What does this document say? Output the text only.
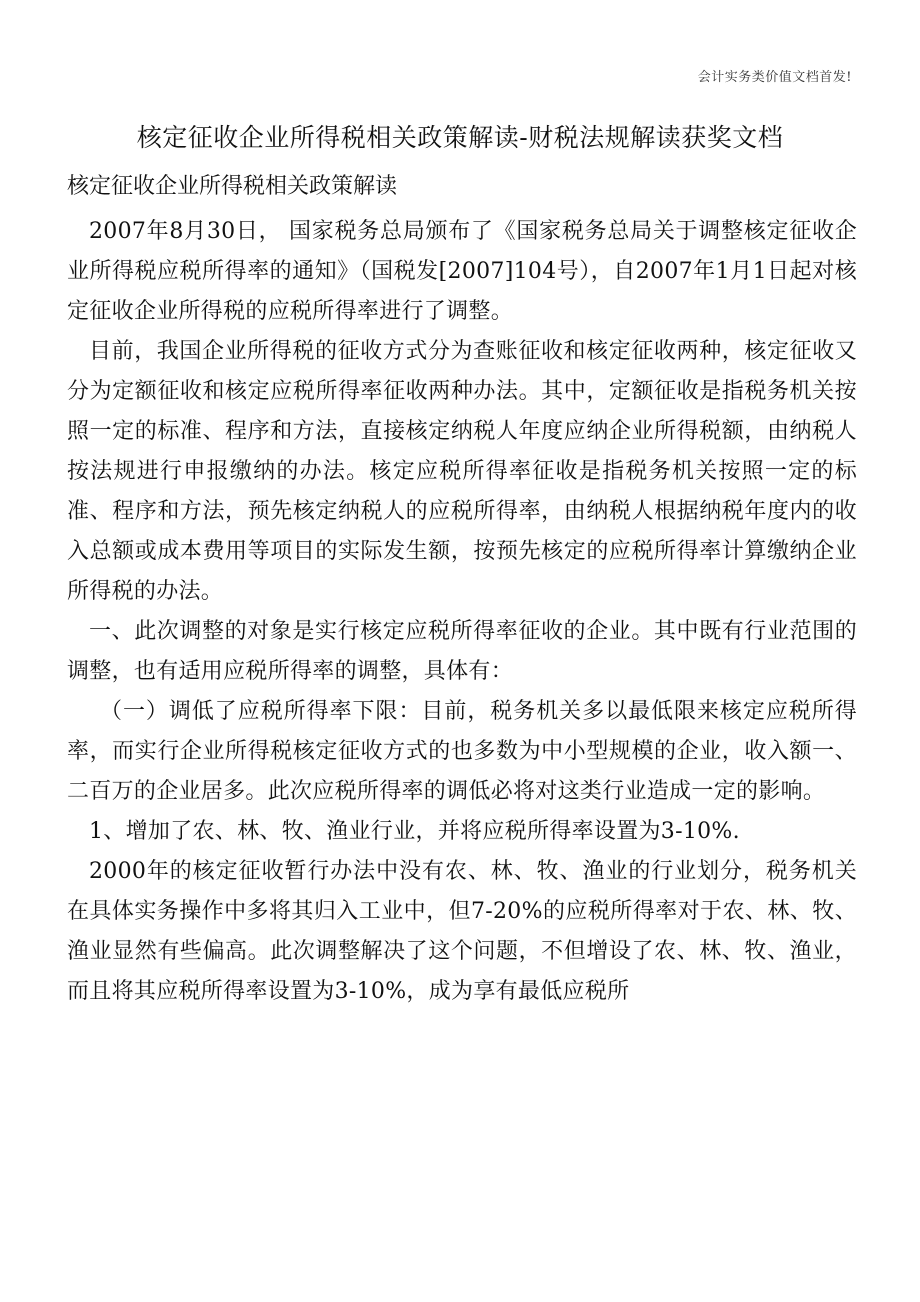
会计实务类价值文档首发!
核定征收企业所得税相关政策解读-财税法规解读获奖文档
核定征收企业所得税相关政策解读

2007年8月30日， 国家税务总局颁布了《国家税务总局关于调整核定征收企业所得税应税所得率的通知》（国税发[2007]104号），自2007年1月1日起对核定征收企业所得税的应税所得率进行了调整。

目前，我国企业所得税的征收方式分为查账征收和核定征收两种，核定征收又分为定额征收和核定应税所得率征收两种办法。其中，定额征收是指税务机关按照一定的标准、程序和方法，直接核定纳税人年度应纳企业所得税额，由纳税人按法规进行申报缴纳的办法。核定应税所得率征收是指税务机关按照一定的标准、程序和方法，预先核定纳税人的应税所得率，由纳税人根据纳税年度内的收入总额或成本费用等项目的实际发生额，按预先核定的应税所得率计算缴纳企业所得税的办法。

一、此次调整的对象是实行核定应税所得率征收的企业。其中既有行业范围的调整，也有适用应税所得率的调整，具体有：

（一）调低了应税所得率下限：目前，税务机关多以最低限来核定应税所得率，而实行企业所得税核定征收方式的也多数为中小型规模的企业，收入额一、二百万的企业居多。此次应税所得率的调低必将对这类行业造成一定的影响。

1、增加了农、林、牧、渔业行业，并将应税所得率设置为3-10%.

2000年的核定征收暂行办法中没有农、林、牧、渔业的行业划分，税务机关在具体实务操作中多将其归入工业中，但7-20%的应税所得率对于农、林、牧、渔业显然有些偏高。此次调整解决了这个问题，不但增设了农、林、牧、渔业，而且将其应税所得率设置为3-10%，成为享有最低应税所
